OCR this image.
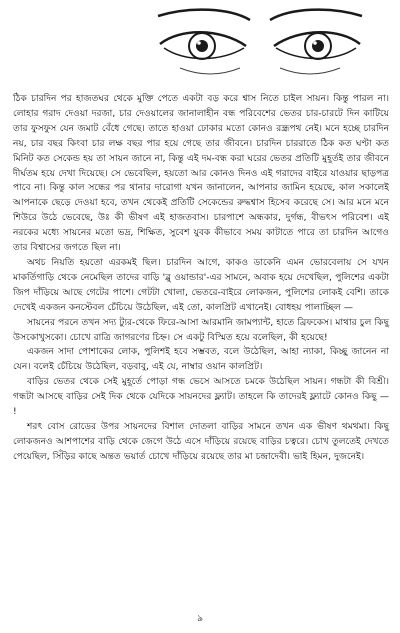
ঠিক চারদিন পর হাজতঘর থেকে মুক্তি পেতে একটা বড় করে শ্বাস নিতে চাইল সায়ন। কিন্তু পারল না। লোহার গরাদ দেওয়া দরজা, চার দেওয়ালের জানালাহীন বন্ধ পরিবেশের ভেতর চার-চারটে দিন কাটিয়ে তার ফুসফুস যেন জমাট বেঁধে গেছে। তাতে হাওয়া ঢোকার মতো কোনও রন্ধ্রপথ নেই। মনে হচ্ছে চারদিন নয়, চার বছর কিংবা চার লক্ষ বছর পার হয়ে গেছে তার জীবনে। চারদিন চাররাতে ঠিক কত ঘণ্টা কত মিনিট কত সেকেন্ড হয় তা সায়ন জানে না, কিন্তু এই দম-বন্ধ করা ঘরের ভেতর প্রতিটি মুহূর্তই তার জীবনে দীর্ঘতম হয়ে দেখা দিয়েছে। সে ভেবেছিল, হয়তো আর কোনও দিনও এই গরাদের বাইরে যাওয়ার ছাড়পত্র পাবে না। কিন্তু কাল সন্ধের পর থানার দারোগা যখন জানালেন, আপনার জামিন হয়েছে, কাল সকালেই আপনাকে ছেড়ে দেওয়া হবে, তখন থেকেই প্রতিটি সেকেন্ডের রুদ্ধশ্বাস হিসেব করেছে সে। আর মনে মনে শিউরে উঠে ভেবেছে, উঃ কী ভীষণ এই হাজতবাস। চারপাশে অন্ধকার, দুর্গন্ধ, বীভৎস পরিবেশ। এই নরকের মধ্যে সায়নের মতো ভদ্র, শিক্ষিত, সুবেশ যুবক কীভাবে সময় কাটাতে পারে তা চারদিন আগেও তার বিশ্বাসের জগতে ছিল না।

অথচ নিয়তি হয়তো এরকমই ছিল। চারদিন আগে, কাকও ডাকেনি এমন ভোরবেলায় সে যখন মাকর্তিগাড়ি থেকে নেমেছিল তাদের বাড়ি 'ব্লু ওয়ান্ডার'-এর সামনে, অবাক হয়ে দেখেছিল, পুলিশের একটা জিপ দাঁড়িয়ে আছে গেটের পাশে। গেটটা খোলা, ভেতরে-বাইরে লোকজন, পুলিশের লোকই বেশি। তাকে দেখেই একজন কনস্টেবল চেঁচিয়ে উঠেছিল, এই তো, কালপ্রিট এখানেই। বোধহয় পালাচ্ছিল —

সায়নের পরনে তখন সদ্য ট্যুর-থেকে ফিরে-আসা আরমানি জামপ্যান্ট, হাতে ব্রিফকেস। মাথার চুল কিছু উসকোখুসকো। চোখে রাত্রি জাগরণের চিহ্ন। সে একটু বিস্মিত হয়ে বলেছিল, কী হয়েছে!

একজন সাদা পোশাকের লোক, পুলিশই হবে সম্ভবত, বলে উঠেছিল, আহা ন্যাকা, কিচ্ছু জানেন না যেন। বলেই চেঁচিয়ে উঠেছিল, বড়বাবু, এই যে, নাম্বার ওয়ান কালপ্রিট।

বাড়ির ভেতর থেকে সেই মুহূর্তে পোড়া গন্ধ ভেসে আসতে চমকে উঠেছিল সায়ন। গন্ধটা কী বিশ্রী। গন্ধটা আসছে বাড়ির সেই দিক থেকে যেদিকে সায়নদের ফ্ল্যাট। তাহলে কি তাদেরই ফ্ল্যাটে কোনও কিছু — !

শরৎ বোস রোডের উপর সায়নদের বিশাল দোতলা বাড়ির সামনে তখন এক ভীষণ থমথমা। কিছু লোকজনও আশপাশের বাড়ি থেকে জেগে উঠে এসে দাঁড়িয়ে রয়েছে বাড়ির চত্বরে। চোখ তুলতেই দেখতে পেয়েছিল, সিঁড়ির কাছে অন্তত ভয়ার্ত চোখে দাঁড়িয়ে রয়েছে তার মা চন্দ্রাদেবী। ভাই হিমন, দুজনেই।

৯
